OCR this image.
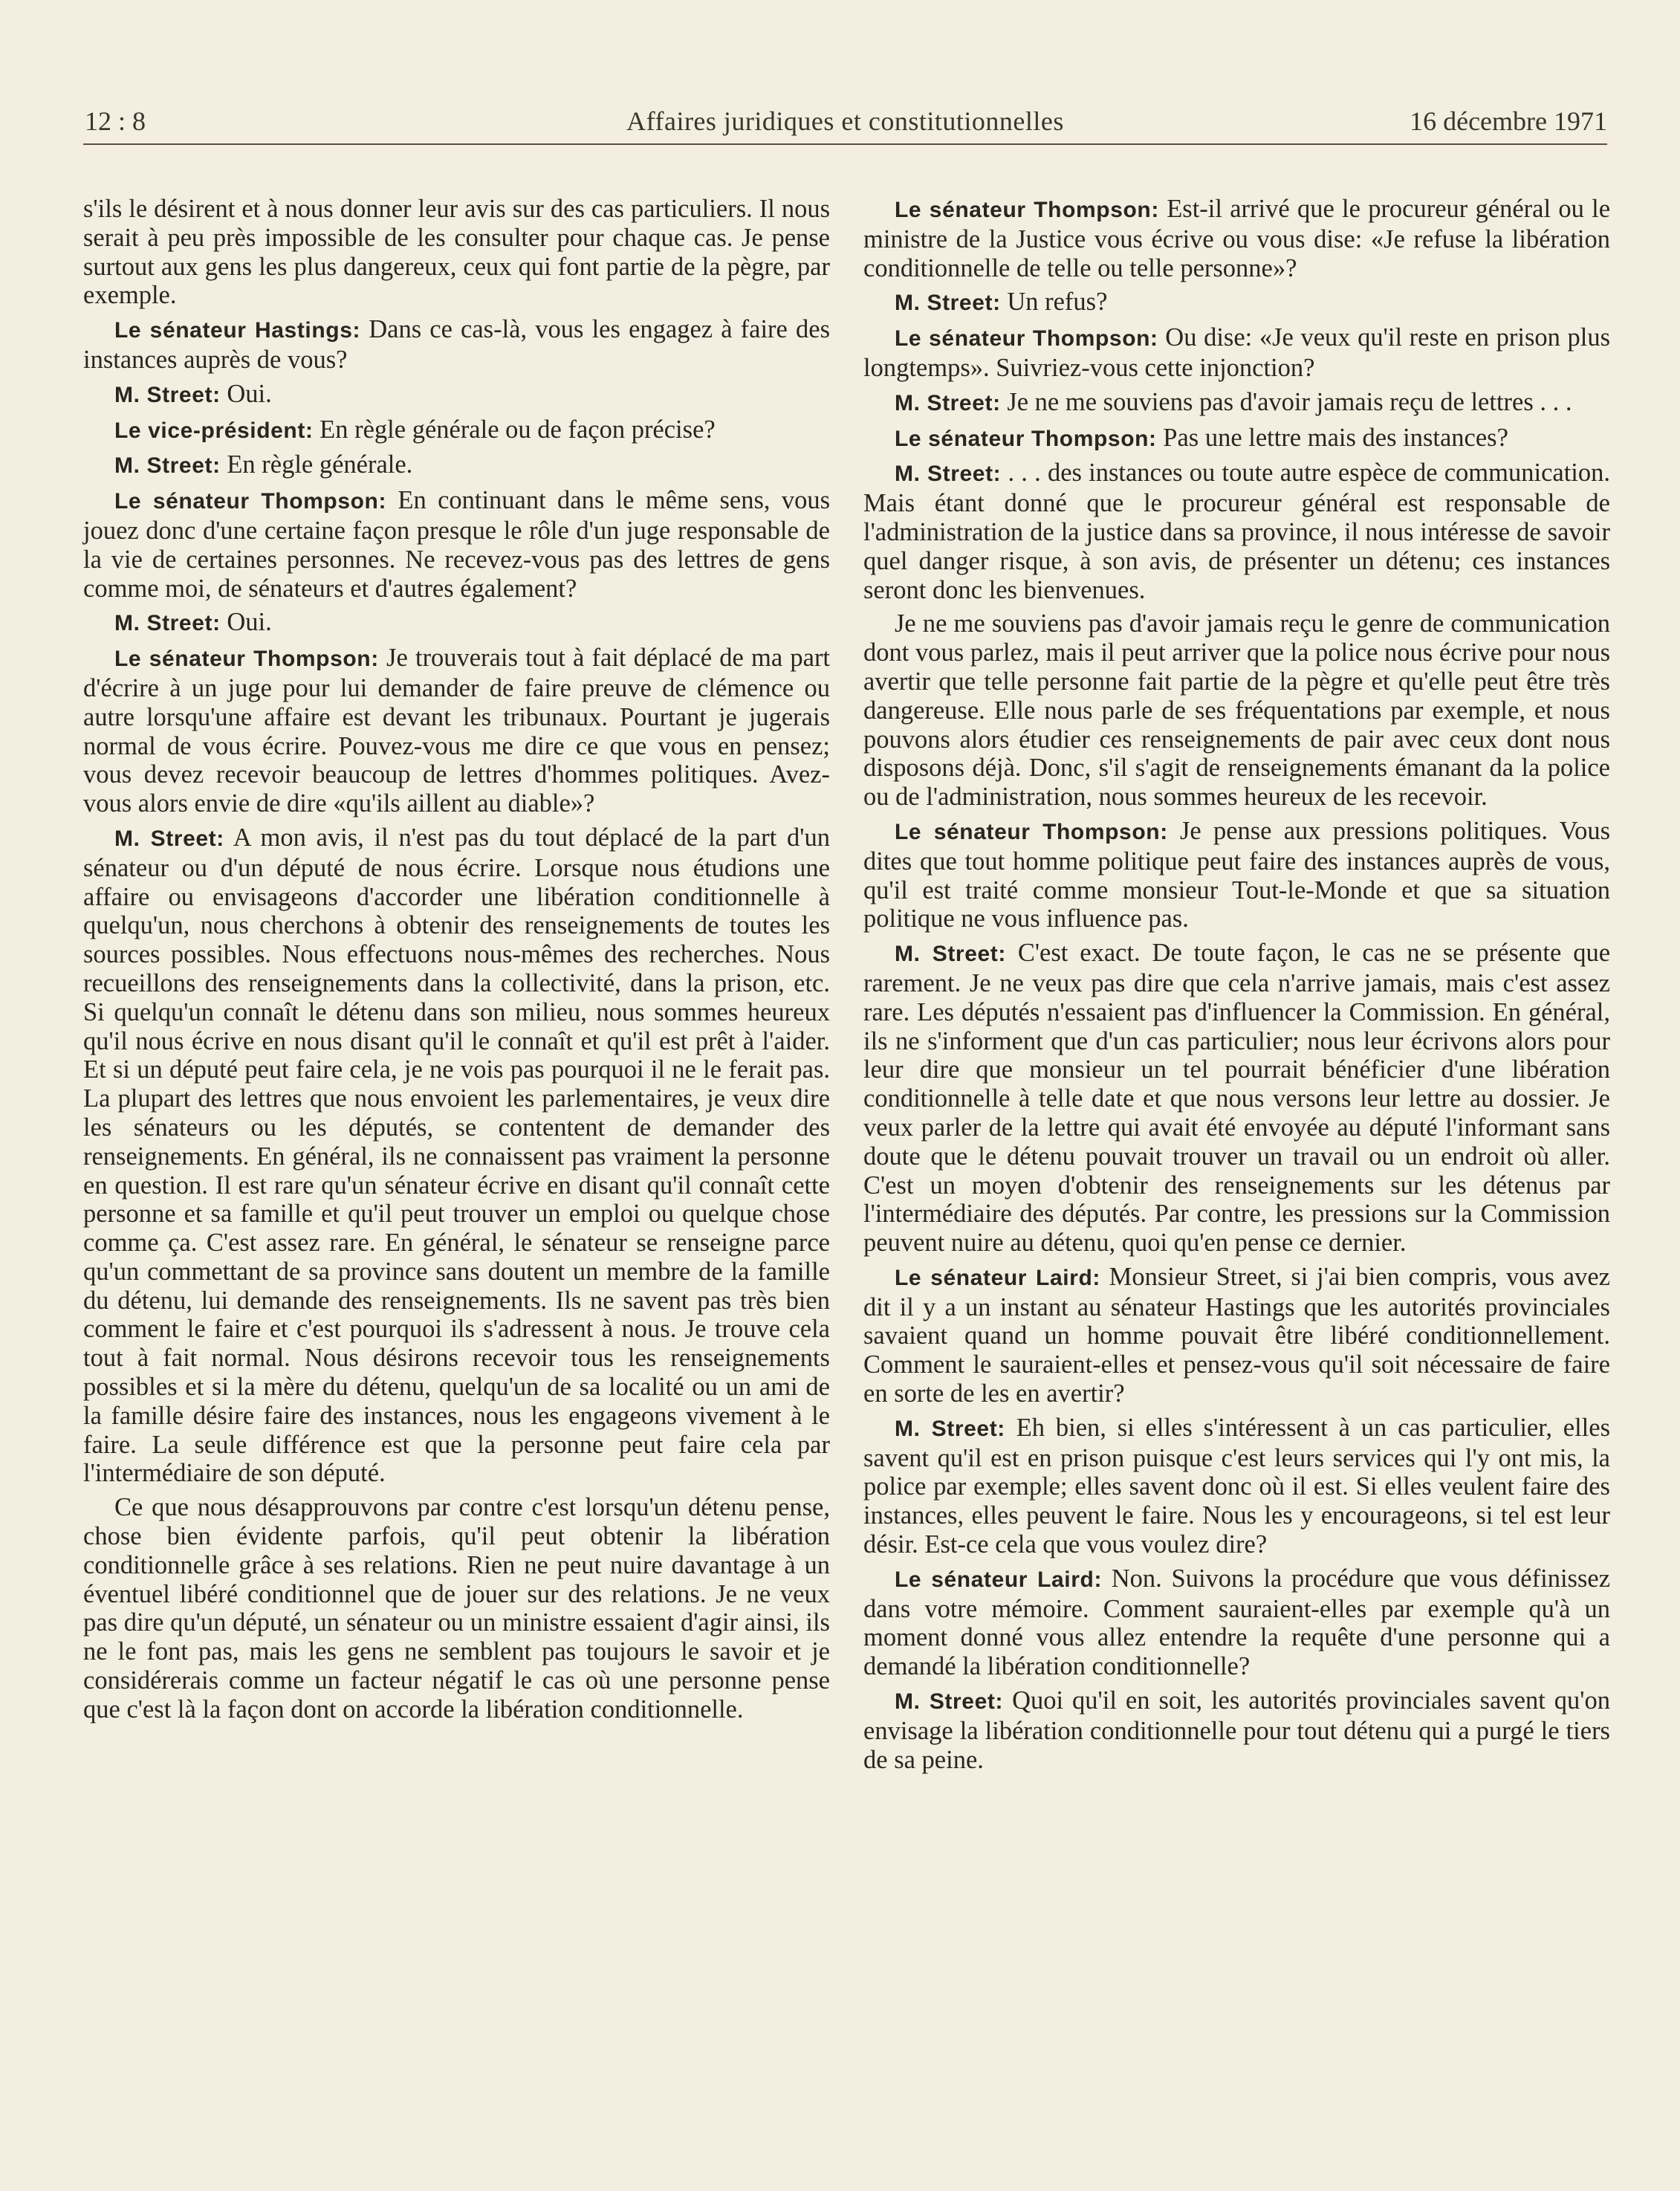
12 : 8	Affaires juridiques et constitutionnelles	16 décembre 1971

s'ils le désirent et à nous donner leur avis sur des cas particuliers. Il nous serait à peu près impossible de les consulter pour chaque cas. Je pense surtout aux gens les plus dangereux, ceux qui font partie de la pègre, par exemple.

Le sénateur Hastings: Dans ce cas-là, vous les engagez à faire des instances auprès de vous?

M. Street: Oui.

Le vice-président: En règle générale ou de façon précise?

M. Street: En règle générale.

Le sénateur Thompson: En continuant dans le même sens, vous jouez donc d'une certaine façon presque le rôle d'un juge responsable de la vie de certaines personnes. Ne recevez-vous pas des lettres de gens comme moi, de sénateurs et d'autres également?

M. Street: Oui.

Le sénateur Thompson: Je trouverais tout à fait déplacé de ma part d'écrire à un juge pour lui demander de faire preuve de clémence ou autre lorsqu'une affaire est devant les tribunaux. Pourtant je jugerais normal de vous écrire. Pouvez-vous me dire ce que vous en pensez; vous devez recevoir beaucoup de lettres d'hommes politiques. Avez-vous alors envie de dire «qu'ils aillent au diable»?

M. Street: A mon avis, il n'est pas du tout déplacé de la part d'un sénateur ou d'un député de nous écrire. Lorsque nous étudions une affaire ou envisageons d'accorder une libération conditionnelle à quelqu'un, nous cherchons à obtenir des renseignements de toutes les sources possibles. Nous effectuons nous-mêmes des recherches. Nous recueillons des renseignements dans la collectivité, dans la prison, etc. Si quelqu'un connaît le détenu dans son milieu, nous sommes heureux qu'il nous écrive en nous disant qu'il le connaît et qu'il est prêt à l'aider. Et si un député peut faire cela, je ne vois pas pourquoi il ne le ferait pas. La plupart des lettres que nous envoient les parlementaires, je veux dire les sénateurs ou les députés, se contentent de demander des renseignements. En général, ils ne connaissent pas vraiment la personne en question. Il est rare qu'un sénateur écrive en disant qu'il connaît cette personne et sa famille et qu'il peut trouver un emploi ou quelque chose comme ça. C'est assez rare. En général, le sénateur se renseigne parce qu'un commettant de sa province sans doutent un membre de la famille du détenu, lui demande des renseignements. Ils ne savent pas très bien comment le faire et c'est pourquoi ils s'adressent à nous. Je trouve cela tout à fait normal. Nous désirons recevoir tous les renseignements possibles et si la mère du détenu, quelqu'un de sa localité ou un ami de la famille désire faire des instances, nous les engageons vivement à le faire. La seule différence est que la personne peut faire cela par l'intermédiaire de son député.

Ce que nous désapprouvons par contre c'est lorsqu'un détenu pense, chose bien évidente parfois, qu'il peut obtenir la libération conditionnelle grâce à ses relations. Rien ne peut nuire davantage à un éventuel libéré conditionnel que de jouer sur des relations. Je ne veux pas dire qu'un député, un sénateur ou un ministre essaient d'agir ainsi, ils ne le font pas, mais les gens ne semblent pas toujours le savoir et je considérerais comme un facteur négatif le cas où une personne pense que c'est là la façon dont on accorde la libération conditionnelle.

Le sénateur Thompson: Est-il arrivé que le procureur général ou le ministre de la Justice vous écrive ou vous dise: «Je refuse la libération conditionnelle de telle ou telle personne»?

M. Street: Un refus?

Le sénateur Thompson: Ou dise: «Je veux qu'il reste en prison plus longtemps». Suivriez-vous cette injonction?

M. Street: Je ne me souviens pas d'avoir jamais reçu de lettres . . .

Le sénateur Thompson: Pas une lettre mais des instances?

M. Street: . . . des instances ou toute autre espèce de communication. Mais étant donné que le procureur général est responsable de l'administration de la justice dans sa province, il nous intéresse de savoir quel danger risque, à son avis, de présenter un détenu; ces instances seront donc les bienvenues.

Je ne me souviens pas d'avoir jamais reçu le genre de communication dont vous parlez, mais il peut arriver que la police nous écrive pour nous avertir que telle personne fait partie de la pègre et qu'elle peut être très dangereuse. Elle nous parle de ses fréquentations par exemple, et nous pouvons alors étudier ces renseignements de pair avec ceux dont nous disposons déjà. Donc, s'il s'agit de renseignements émanant da la police ou de l'administration, nous sommes heureux de les recevoir.

Le sénateur Thompson: Je pense aux pressions politiques. Vous dites que tout homme politique peut faire des instances auprès de vous, qu'il est traité comme monsieur Tout-le-Monde et que sa situation politique ne vous influence pas.

M. Street: C'est exact. De toute façon, le cas ne se présente que rarement. Je ne veux pas dire que cela n'arrive jamais, mais c'est assez rare. Les députés n'essaient pas d'influencer la Commission. En général, ils ne s'informent que d'un cas particulier; nous leur écrivons alors pour leur dire que monsieur un tel pourrait bénéficier d'une libération conditionnelle à telle date et que nous versons leur lettre au dossier. Je veux parler de la lettre qui avait été envoyée au député l'informant sans doute que le détenu pouvait trouver un travail ou un endroit où aller. C'est un moyen d'obtenir des renseignements sur les détenus par l'intermédiaire des députés. Par contre, les pressions sur la Commission peuvent nuire au détenu, quoi qu'en pense ce dernier.

Le sénateur Laird: Monsieur Street, si j'ai bien compris, vous avez dit il y a un instant au sénateur Hastings que les autorités provinciales savaient quand un homme pouvait être libéré conditionnellement. Comment le sauraient-elles et pensez-vous qu'il soit nécessaire de faire en sorte de les en avertir?

M. Street: Eh bien, si elles s'intéressent à un cas particulier, elles savent qu'il est en prison puisque c'est leurs services qui l'y ont mis, la police par exemple; elles savent donc où il est. Si elles veulent faire des instances, elles peuvent le faire. Nous les y encourageons, si tel est leur désir. Est-ce cela que vous voulez dire?

Le sénateur Laird: Non. Suivons la procédure que vous définissez dans votre mémoire. Comment sauraient-elles par exemple qu'à un moment donné vous allez entendre la requête d'une personne qui a demandé la libération conditionnelle?

M. Street: Quoi qu'il en soit, les autorités provinciales savent qu'on envisage la libération conditionnelle pour tout détenu qui a purgé le tiers de sa peine.
